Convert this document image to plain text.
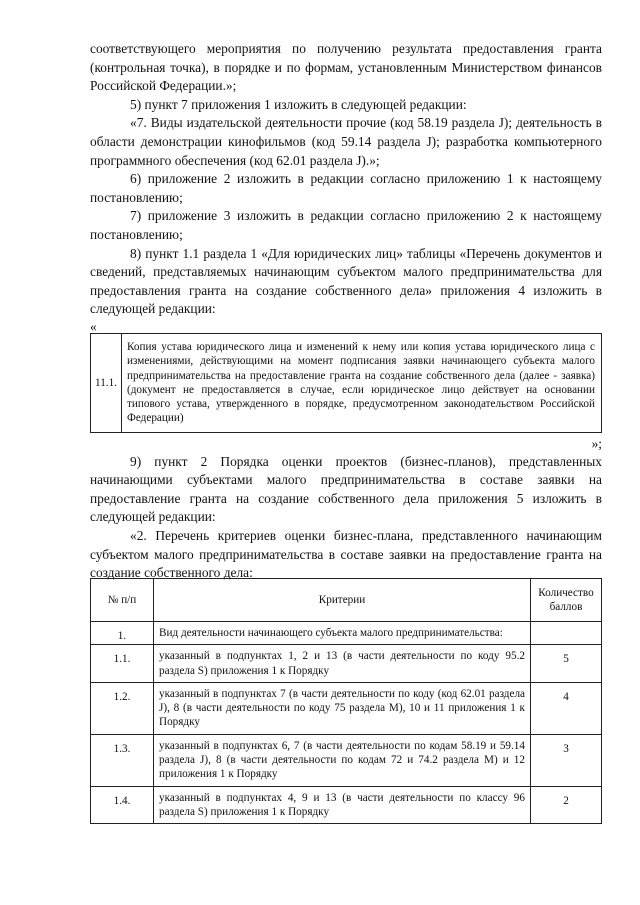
соответствующего мероприятия по получению результата предоставления гранта (контрольная точка), в порядке и по формам, установленным Министерством финансов Российской Федерации.»;

5) пункт 7 приложения 1 изложить в следующей редакции:

«7. Виды издательской деятельности прочие (код 58.19 раздела J); деятельность в области демонстрации кинофильмов (код 59.14 раздела J); разработка компьютерного программного обеспечения (код 62.01 раздела J).»;

6) приложение 2 изложить в редакции согласно приложению 1 к настоящему постановлению;

7) приложение 3 изложить в редакции согласно приложению 2 к настоящему постановлению;

8) пункт 1.1 раздела 1 «Для юридических лиц» таблицы «Перечень документов и сведений, представляемых начинающим субъектом малого предпринимательства для предоставления гранта на создание собственного дела» приложения 4 изложить в следующей редакции:

«

11.1.	Копия устава юридического лица и изменений к нему или копия устава юридического лица с изменениями, действующими на момент подписания заявки начинающего субъекта малого предпринимательства на предоставление гранта на создание собственного дела (далее - заявка) (документ не предоставляется в случае, если юридическое лицо действует на основании типового устава, утвержденного в порядке, предусмотренном законодательством Российской Федерации)

»;

9) пункт 2 Порядка оценки проектов (бизнес-планов), представленных начинающими субъектами малого предпринимательства в составе заявки на предоставление гранта на создание собственного дела приложения 5 изложить в следующей редакции:

«2. Перечень критериев оценки бизнес-плана, представленного начинающим субъектом малого предпринимательства в составе заявки на предоставление гранта на создание собственного дела:

№ п/п	Критерии	Количество баллов
1.	Вид деятельности начинающего субъекта малого предпринимательства:	
1.1.	указанный в подпунктах 1, 2 и 13 (в части деятельности по коду 95.2 раздела S) приложения 1 к Порядку	5
1.2.	указанный в подпунктах 7 (в части деятельности по коду (код 62.01 раздела J), 8 (в части деятельности по коду 75 раздела M), 10 и 11 приложения 1 к Порядку	4
1.3.	указанный в подпунктах 6, 7 (в части деятельности по кодам 58.19 и 59.14 раздела J), 8 (в части деятельности по кодам 72 и 74.2 раздела M) и 12 приложения 1 к Порядку	3
1.4.	указанный в подпунктах 4, 9 и 13 (в части деятельности по классу 96 раздела S) приложения 1 к Порядку	2
